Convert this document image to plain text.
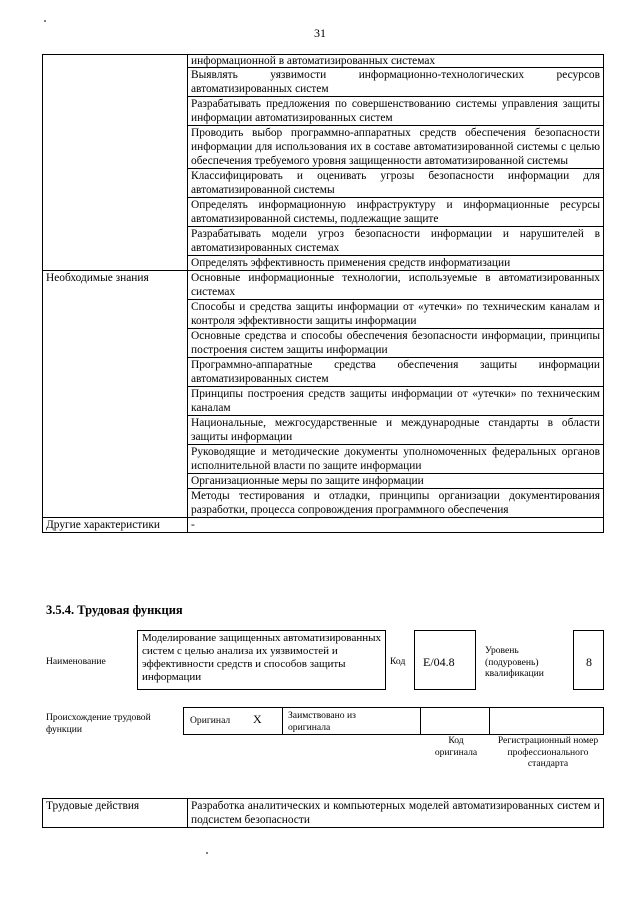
31
	информационной в автоматизированных системах
	Выявлять уязвимости информационно-технологических ресурсов автоматизированных систем
	Разрабатывать предложения по совершенствованию системы управления защиты информации автоматизированных систем
	Проводить выбор программно-аппаратных средств обеспечения безопасности информации для использования их в составе автоматизированной системы с целью обеспечения требуемого уровня защищенности автоматизированной системы
	Классифицировать и оценивать угрозы безопасности информации для автоматизированной системы
	Определять информационную инфраструктуру и информационные ресурсы автоматизированной системы, подлежащие защите
	Разрабатывать модели угроз безопасности информации и нарушителей в автоматизированных системах
	Определять эффективность применения средств информатизации
Необходимые знания	Основные информационные технологии, используемые в автоматизированных системах
	Способы и средства защиты информации от «утечки» по техническим каналам и контроля эффективности защиты информации
	Основные средства и способы обеспечения безопасности информации, принципы построения систем защиты информации
	Программно-аппаратные средства обеспечения защиты информации автоматизированных систем
	Принципы построения средств защиты информации от «утечки» по техническим каналам
	Национальные, межгосударственные и международные стандарты в области защиты информации
	Руководящие и методические документы уполномоченных федеральных органов исполнительной власти по защите информации
	Организационные меры по защите информации
	Методы тестирования и отладки, принципы организации документирования разработки, процесса сопровождения программного обеспечения
Другие характеристики	-
3.5.4. Трудовая функция
Наименование
Моделирование защищенных автоматизированных систем с целью анализа их уязвимостей и эффективности средств и способов защиты информации
Код E/04.8
Уровень (подуровень) квалификации
8
Происхождение трудовой функции
Оригинал X	Заимствовано из оригинала
Код оригинала
Регистрационный номер профессионального стандарта
Трудовые действия	Разработка аналитических и компьютерных моделей автоматизированных систем и подсистем безопасности
